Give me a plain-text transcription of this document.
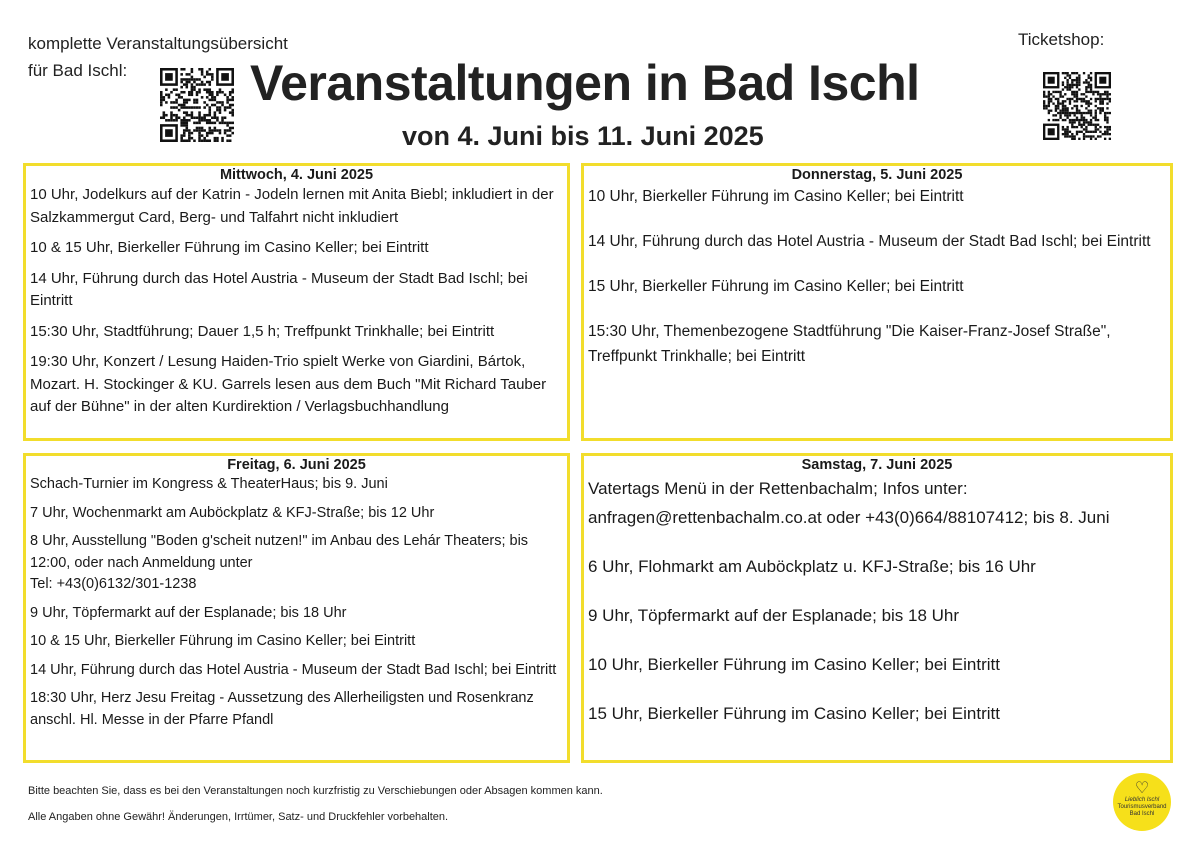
komplette Veranstaltungsübersicht
für Bad Ischl:	Veranstaltungen in Bad Ischl
von 4. Juni bis 11. Juni 2025
Ticketshop:
Mittwoch, 4. Juni 2025

10 Uhr, Jodelkurs auf der Katrin - Jodeln lernen mit Anita Biebl; inkludiert in der Salzkammergut Card, Berg- und Talfahrt nicht inkludiert

10 & 15 Uhr, Bierkeller Führung im Casino Keller; bei Eintritt

14 Uhr, Führung durch das Hotel Austria - Museum der Stadt Bad Ischl; bei Eintritt

15:30 Uhr, Stadtführung; Dauer 1,5 h; Treffpunkt Trinkhalle; bei Eintritt

19:30 Uhr, Konzert / Lesung Haiden-Trio spielt Werke von Giardini, Bártok, Mozart. H. Stockinger & KU. Garrels lesen aus dem Buch "Mit Richard Tauber auf der Bühne" in der alten Kurdirektion / Verlagsbuchhandlung

Donnerstag, 5. Juni 2025

10 Uhr, Bierkeller Führung im Casino Keller; bei Eintritt

14 Uhr, Führung durch das Hotel Austria - Museum der Stadt Bad Ischl; bei Eintritt

15 Uhr, Bierkeller Führung im Casino Keller; bei Eintritt

15:30 Uhr, Themenbezogene Stadtführung "Die Kaiser-Franz-Josef Straße", Treffpunkt Trinkhalle; bei Eintritt

Freitag, 6. Juni 2025

Schach-Turnier im Kongress & TheaterHaus; bis 9. Juni

7 Uhr, Wochenmarkt am Auböckplatz & KFJ-Straße; bis 12 Uhr

8 Uhr, Ausstellung "Boden g'scheit nutzen!" im Anbau des Lehár Theaters; bis 12:00, oder nach Anmeldung unter
Tel: +43(0)6132/301-1238

9 Uhr, Töpfermarkt auf der Esplanade; bis 18 Uhr

10 & 15 Uhr, Bierkeller Führung im Casino Keller; bei Eintritt

14 Uhr, Führung durch das Hotel Austria - Museum der Stadt Bad Ischl; bei Eintritt

18:30 Uhr, Herz Jesu Freitag - Aussetzung des Allerheiligsten und Rosenkranz anschl. Hl. Messe in der Pfarre Pfandl

Samstag, 7. Juni 2025

Vatertags Menü in der Rettenbachalm; Infos unter: anfragen@rettenbachalm.co.at oder +43(0)664/88107412; bis 8. Juni

6 Uhr, Flohmarkt am Auböckplatz u. KFJ-Straße; bis 16 Uhr

9 Uhr, Töpfermarkt auf der Esplanade; bis 18 Uhr

10 Uhr, Bierkeller Führung im Casino Keller; bei Eintritt

15 Uhr, Bierkeller Führung im Casino Keller; bei Eintritt

Bitte beachten Sie, dass es bei den Veranstaltungen noch kurzfristig zu Verschiebungen oder Absagen kommen kann.
Alle Angaben ohne Gewähr! Änderungen, Irrtümer, Satz- und Druckfehler vorbehalten.
♡
Lieblich Ischl
Tourismusverband
Bad Ischl
